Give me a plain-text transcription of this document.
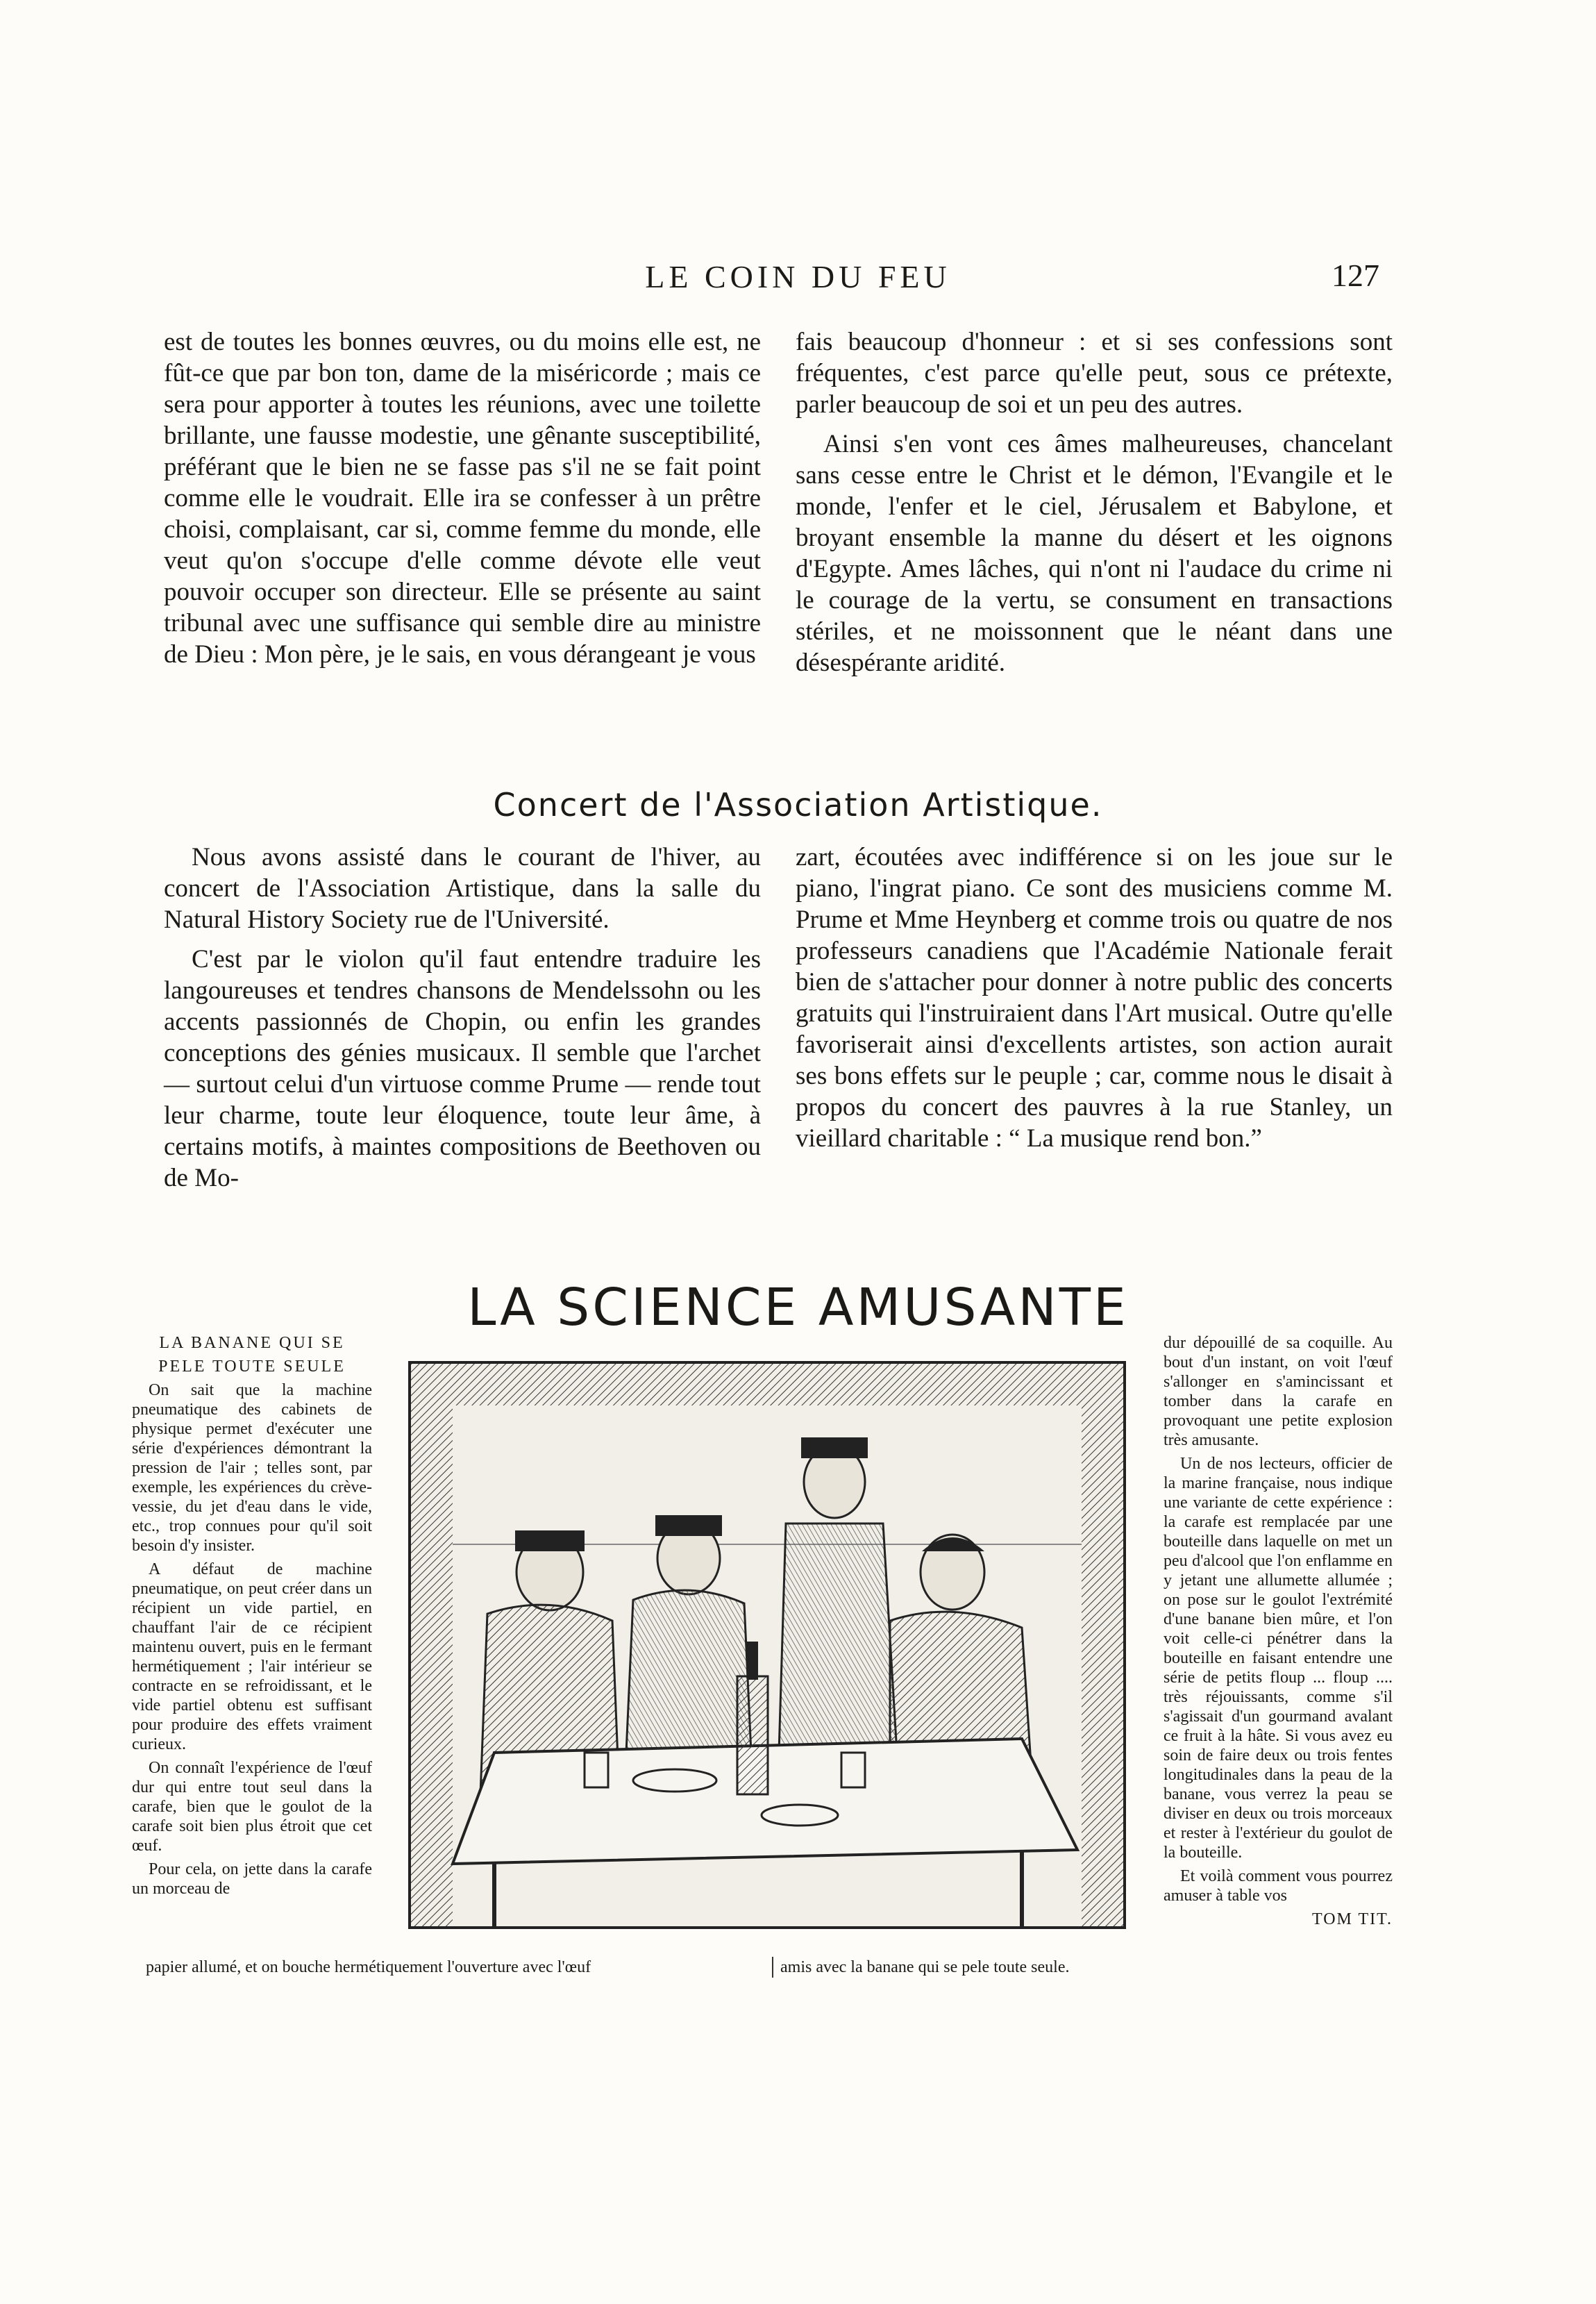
LE COIN DU FEU	127

est de toutes les bonnes œuvres, ou du moins elle est, ne fût-ce que par bon ton, dame de la miséricorde ; mais ce sera pour apporter à toutes les réunions, avec une toilette brillante, une fausse modestie, une gênante susceptibilité, préférant que le bien ne se fasse pas s'il ne se fait point comme elle le voudrait. Elle ira se confesser à un prêtre choisi, complaisant, car si, comme femme du monde, elle veut qu'on s'occupe d'elle comme dévote elle veut pouvoir occuper son directeur. Elle se présente au saint tribunal avec une suffisance qui semble dire au ministre de Dieu : Mon père, je le sais, en vous dérangeant je vous

fais beaucoup d'honneur : et si ses confessions sont fréquentes, c'est parce qu'elle peut, sous ce prétexte, parler beaucoup de soi et un peu des autres.

Ainsi s'en vont ces âmes malheureuses, chancelant sans cesse entre le Christ et le démon, l'Evangile et le monde, l'enfer et le ciel, Jérusalem et Babylone, et broyant ensemble la manne du désert et les oignons d'Egypte. Ames lâches, qui n'ont ni l'audace du crime ni le courage de la vertu, se consument en transactions stériles, et ne moissonnent que le néant dans une désespérante aridité.

Concert de l'Association Artistique.

Nous avons assisté dans le courant de l'hiver, au concert de l'Association Artistique, dans la salle du Natural History Society rue de l'Université.

C'est par le violon qu'il faut entendre traduire les langoureuses et tendres chansons de Mendelssohn ou les accents passionnés de Chopin, ou enfin les grandes conceptions des génies musicaux. Il semble que l'archet — surtout celui d'un virtuose comme Prume — rende tout leur charme, toute leur éloquence, toute leur âme, à certains motifs, à maintes compositions de Beethoven ou de Mo-

zart, écoutées avec indifférence si on les joue sur le piano, l'ingrat piano. Ce sont des musiciens comme M. Prume et Mme Heynberg et comme trois ou quatre de nos professeurs canadiens que l'Académie Nationale ferait bien de s'attacher pour donner à notre public des concerts gratuits qui l'instruiraient dans l'Art musical. Outre qu'elle favoriserait ainsi d'excellents artistes, son action aurait ses bons effets sur le peuple ; car, comme nous le disait à propos du concert des pauvres à la rue Stanley, un vieillard charitable : “ La musique rend bon.”

LA SCIENCE AMUSANTE
LA BANANE QUI SE
PELE TOUTE SEULE

On sait que la machine pneumatique des cabinets de physique permet d'exécuter une série d'expériences démontrant la pression de l'air ; telles sont, par exemple, les expériences du crève-vessie, du jet d'eau dans le vide, etc., trop connues pour qu'il soit besoin d'y insister.

A défaut de machine pneumatique, on peut créer dans un récipient un vide partiel, en chauffant l'air de ce récipient maintenu ouvert, puis en le fermant hermétiquement ; l'air intérieur se contracte en se refroidissant, et le vide partiel obtenu est suffisant pour produire des effets vraiment curieux.

On connaît l'expérience de l'œuf dur qui entre tout seul dans la carafe, bien que le goulot de la carafe soit bien plus étroit que cet œuf.

Pour cela, on jette dans la carafe un morceau de

dur dépouillé de sa coquille. Au bout d'un instant, on voit l'œuf s'allonger en s'amincissant et tomber dans la carafe en provoquant une petite explosion très amusante.

Un de nos lecteurs, officier de la marine française, nous indique une variante de cette expérience : la carafe est remplacée par une bouteille dans laquelle on met un peu d'alcool que l'on enflamme en y jetant une allumette allumée ; on pose sur le goulot l'extrémité d'une banane bien mûre, et l'on voit celle-ci pénétrer dans la bouteille en faisant entendre une série de petits floup ... floup .... très réjouissants, comme s'il s'agissait d'un gourmand avalant ce fruit à la hâte. Si vous avez eu soin de faire deux ou trois fentes longitudinales dans la peau de la banane, vous verrez la peau se diviser en deux ou trois morceaux et rester à l'extérieur du goulot de la bouteille.

Et voilà comment vous pourrez amuser à table vos

TOM TIT.
papier allumé, et on bouche hermétiquement l'ouverture avec l'œuf	amis avec la banane qui se pele toute seule.
